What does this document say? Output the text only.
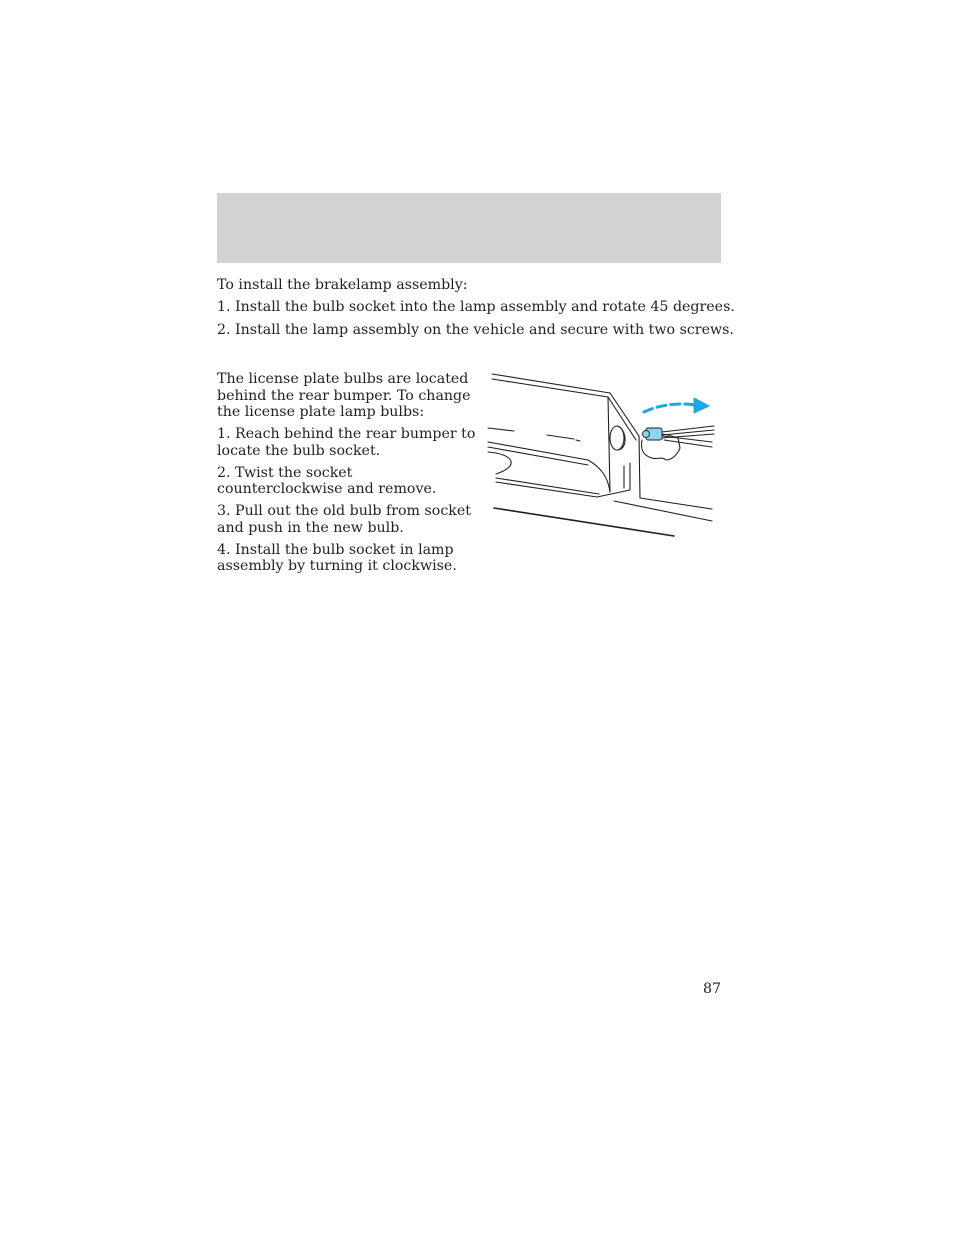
To install the brakelamp assembly:

1. Install the bulb socket into the lamp assembly and rotate 45 degrees.

2. Install the lamp assembly on the vehicle and secure with two screws.

The license plate bulbs are located behind the rear bumper. To change the license plate lamp bulbs:

1. Reach behind the rear bumper to locate the bulb socket.

2. Twist the socket counterclockwise and remove.

3. Pull out the old bulb from socket and push in the new bulb.

4. Install the bulb socket in lamp assembly by turning it clockwise.

87
